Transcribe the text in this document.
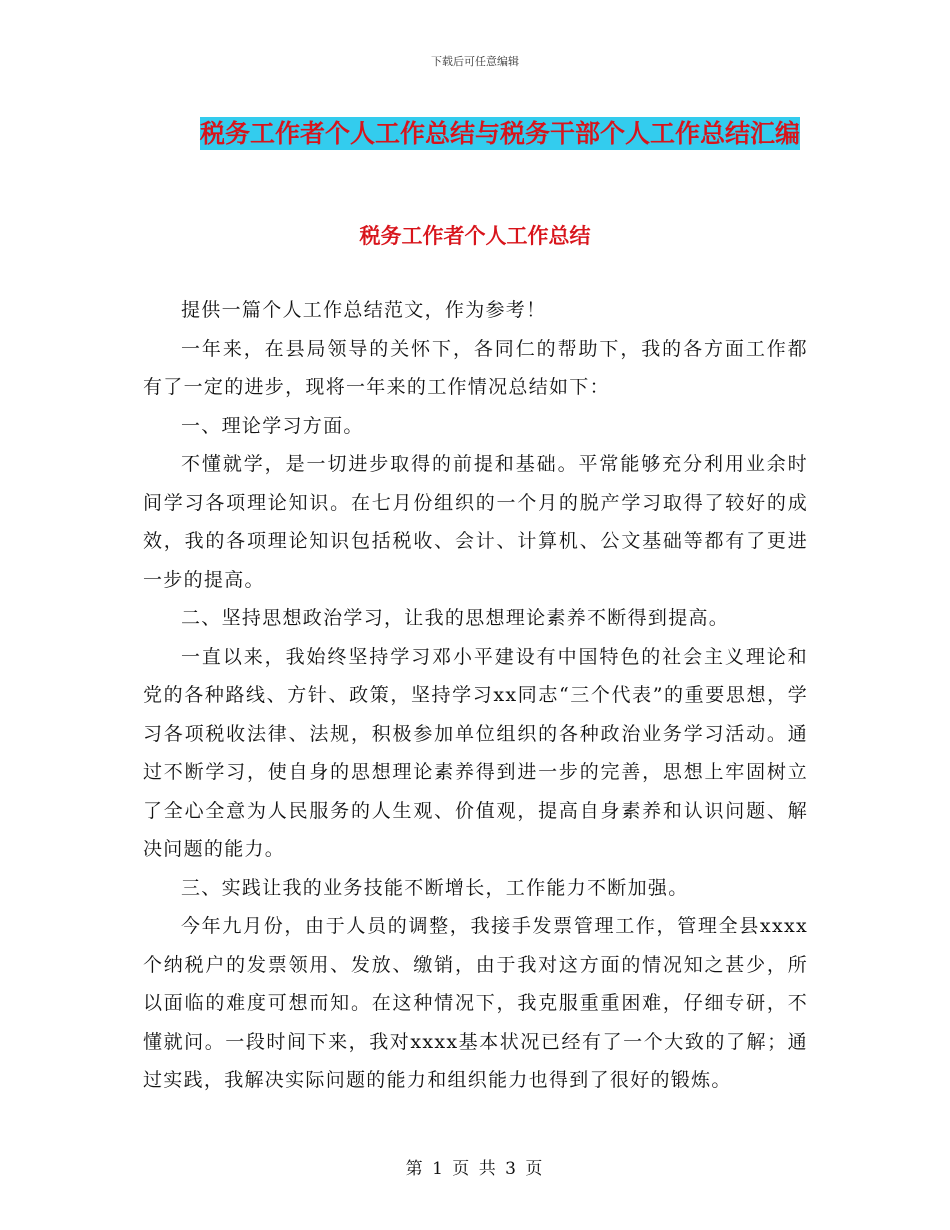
下载后可任意编辑
税务工作者个人工作总结与税务干部个人工作总结汇编
税务工作者个人工作总结

提供一篇个人工作总结范文，作为参考！

一年来，在县局领导的关怀下，各同仁的帮助下，我的各方面工作都有了一定的进步，现将一年来的工作情况总结如下：

一、理论学习方面。

不懂就学，是一切进步取得的前提和基础。平常能够充分利用业余时间学习各项理论知识。在七月份组织的一个月的脱产学习取得了较好的成效，我的各项理论知识包括税收、会计、计算机、公文基础等都有了更进一步的提高。

二、坚持思想政治学习，让我的思想理论素养不断得到提高。

一直以来，我始终坚持学习邓小平建设有中国特色的社会主义理论和党的各种路线、方针、政策，坚持学习xx同志“三个代表”的重要思想，学习各项税收法律、法规，积极参加单位组织的各种政治业务学习活动。通过不断学习，使自身的思想理论素养得到进一步的完善，思想上牢固树立了全心全意为人民服务的人生观、价值观，提高自身素养和认识问题、解决问题的能力。

三、实践让我的业务技能不断增长，工作能力不断加强。

今年九月份，由于人员的调整，我接手发票管理工作，管理全县xxxx个纳税户的发票领用、发放、缴销，由于我对这方面的情况知之甚少，所以面临的难度可想而知。在这种情况下，我克服重重困难，仔细专研，不懂就问。一段时间下来，我对xxxx基本状况已经有了一个大致的了解；通过实践，我解决实际问题的能力和组织能力也得到了很好的锻炼。

第 1 页 共 3 页
